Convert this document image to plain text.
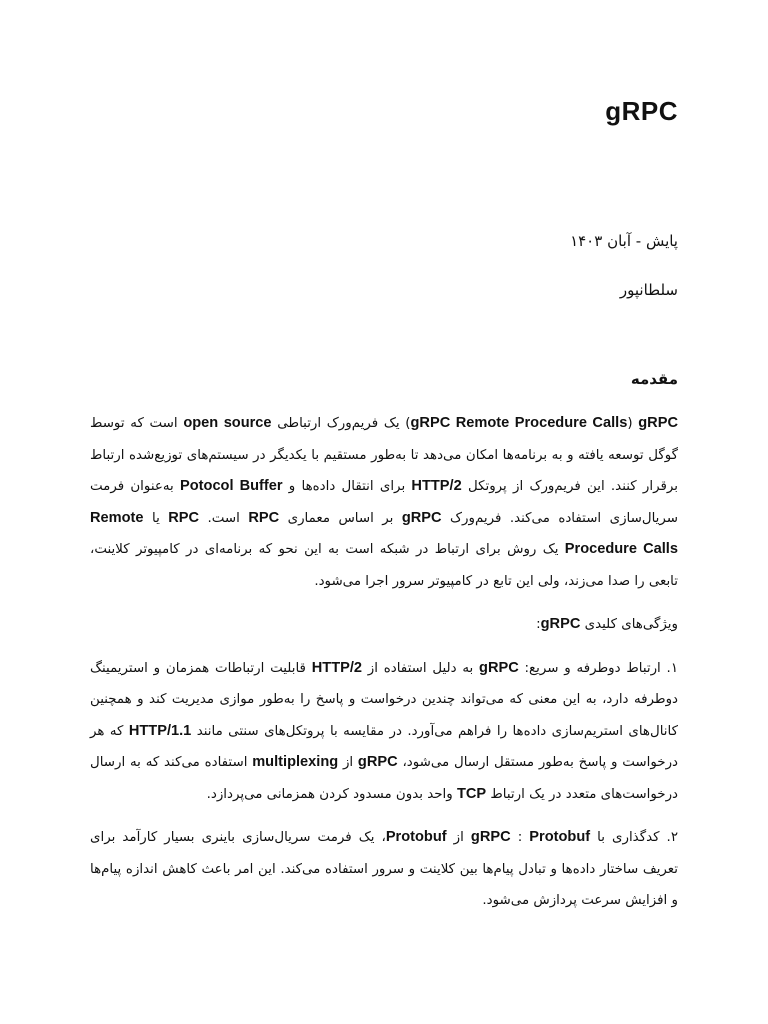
gRPC

پایش - آبان ۱۴۰۳

سلطانپور

مقدمه

gRPC (gRPC Remote Procedure Calls) یک فریم‌ورک ارتباطی open source است که توسط گوگل توسعه یافته و به برنامه‌ها امکان می‌دهد تا به‌طور مستقیم با یکدیگر در سیستم‌های توزیع‌شده ارتباط برقرار کنند. این فریم‌ورک از پروتکل HTTP/2 برای انتقال داده‌ها و Potocol Buffer به‌عنوان فرمت سریال‌سازی استفاده می‌کند. فریم‌ورک gRPC بر اساس معماری RPC است. RPC یا Remote Procedure Calls یک روش برای ارتباط در شبکه است به این نحو که برنامه‌ای در کامپیوتر کلاینت، تابعی را صدا می‌زند، ولی این تابع در کامپیوتر سرور اجرا می‌شود.

ویژگی‌های کلیدی gRPC:

۱. ارتباط دوطرفه و سریع: gRPC به دلیل استفاده از HTTP/2 قابلیت ارتباطات همزمان و استریمینگ دوطرفه دارد، به این معنی که می‌تواند چندین درخواست و پاسخ را به‌طور موازی مدیریت کند و همچنین کانال‌های استریم‌سازی داده‌ها را فراهم می‌آورد. در مقایسه با پروتکل‌های سنتی مانند HTTP/1.1 که هر درخواست و پاسخ به‌طور مستقل ارسال می‌شود، gRPC از multiplexing استفاده می‌کند که به ارسال درخواست‌های متعدد در یک ارتباط TCP واحد بدون مسدود کردن همزمانی می‌پردازد.

۲. کدگذاری با Protobuf : gRPC از Protobuf، یک فرمت سریال‌سازی باینری بسیار کارآمد برای تعریف ساختار داده‌ها و تبادل پیام‌ها بین کلاینت و سرور استفاده می‌کند. این امر باعث کاهش اندازه پیام‌ها و افزایش سرعت پردازش می‌شود.
